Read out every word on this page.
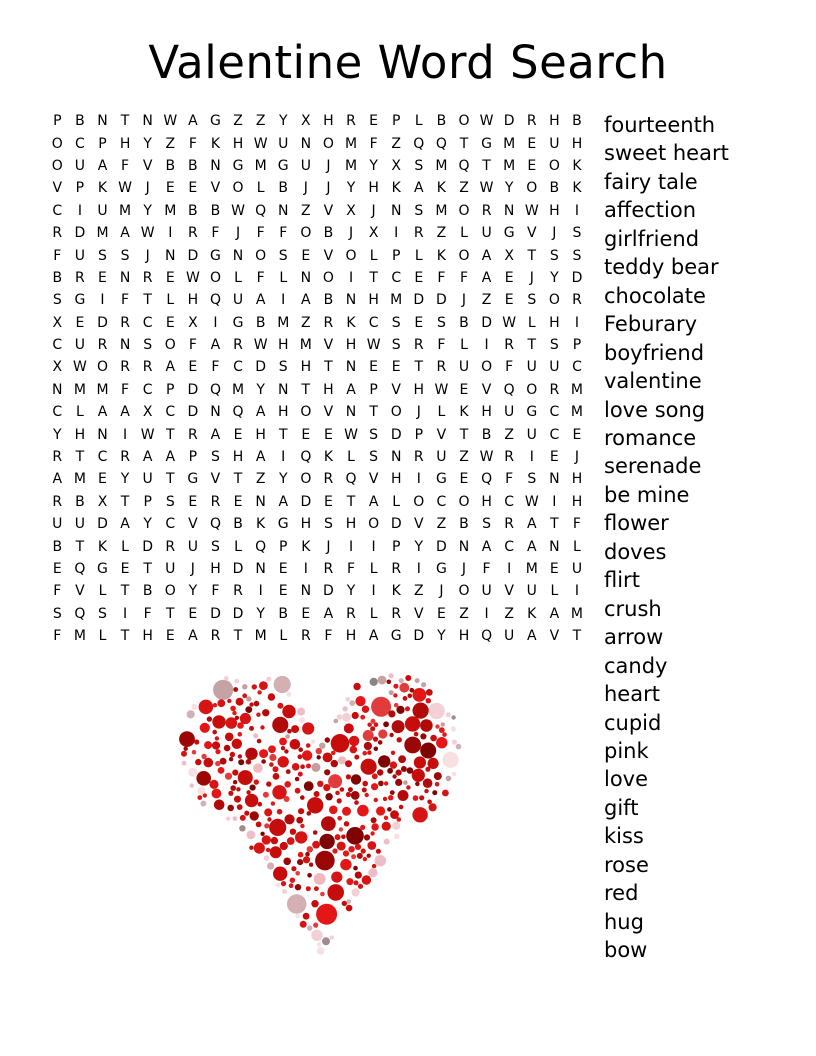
Valentine Word Search
P B N T N W A G Z Z Y X H R E P	L B O W D R H B
O C P H Y Z F K H W U N O M F Z Q Q T G M E U H
O U A F V B B N G M G U	J	M Y X S M Q T M E O K
V P K W J	E E V O L B	J	J	Y H K A K Z W Y O B K
C	I	U M Y M B B W Q N Z V X	J	N S M O R N W H	I
R D M A W I	R F	J	F	F O B	J	X	I	R Z L U G V	J	S
F U S S	J	N D G N O S E V O L	P	L	K O A X T S S
B R E N R E W O L	F	L N O	I	T C E	F	F A E	J	Y D
S G	I	F	T	L H Q U A	I	A B N H M D D	J	Z E S O R
X E D R C E X	I	G B M Z R K C S E S B D W L H	I
C U R N S O F A R W H M V H W S R F	L	I	R T S P
X W O R R A E	F C D S H T N E E T R U O F U U C
N M M F C P D Q M Y N T H A P V H W E V Q O R M
C L A A X C D N Q A H O V N T O	J	L	K H U G C M
Y H N	I W T R A E H T E E W S D P V T B Z U C E
R T C R A A P S H A	I	Q K	L	S N R U Z W R	I	E	J
A M E Y U T G V T Z Y O R Q V H	I	G E Q F	S N H
R B X T	P S E R E N A D E T A L O C O H C W I	H
U U D A Y C V Q B K G H S H O D V Z B S R A T	F
B T K	L D R U S	L Q P K	J	I	I	P	Y D N A C A N L
E Q G E T U	J	H D N E	I	R F	L R	I	G	J	F	I	M E U
F V L	T B O Y	F R	I	E N D Y	I	K Z	J	O U V U L	I
S Q S	I	F	T E D D Y B E A R L R V E Z	I	Z K A M
F M L	T H E A R T M L R F H A G D Y H Q U A V T
fourteenth
sweet heart
fairy tale
affection
girlfriend
teddy bear
chocolate
Feburary
boyfriend
valentine
love song
romance
serenade
be mine
flower
doves
flirt
crush
arrow
candy
heart
cupid
pink
love
gift
kiss
rose
red
hug
bow
